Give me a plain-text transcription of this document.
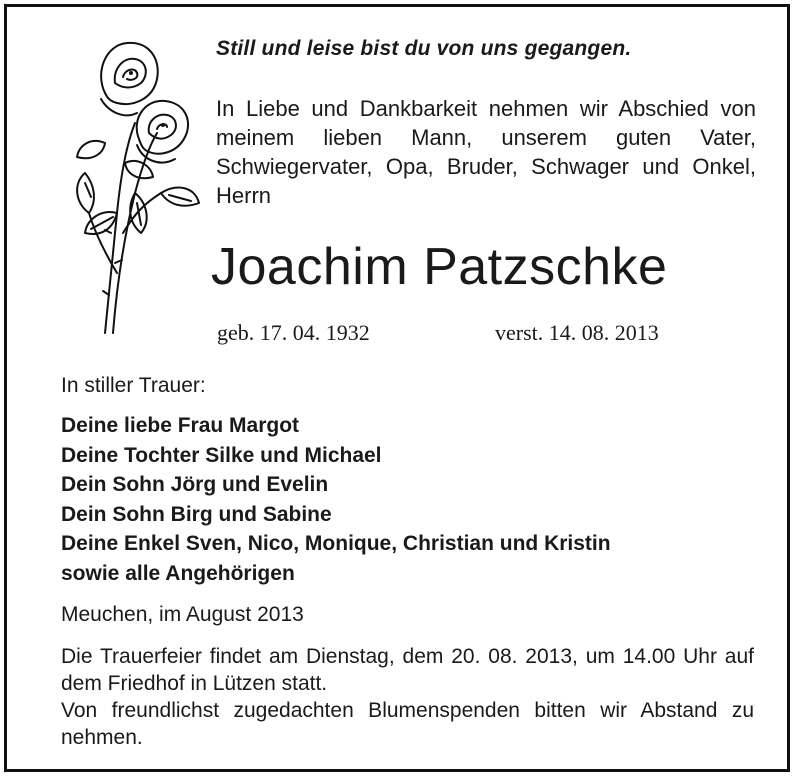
Still und leise bist du von uns gegangen.
In Liebe und Dankbarkeit nehmen wir Abschied von meinem lieben Mann, unserem guten Vater, Schwiegervater, Opa, Bruder, Schwager und Onkel, Herrn
Joachim Patzschke
geb. 17. 04. 1932	verst. 14. 08. 2013
In stiller Trauer:
Deine liebe Frau Margot
Deine Tochter Silke und Michael
Dein Sohn Jörg und Evelin
Dein Sohn Birg und Sabine
Deine Enkel Sven, Nico, Monique, Christian und Kristin
sowie alle Angehörigen
Meuchen, im August 2013

Die Trauerfeier findet am Dienstag, dem 20. 08. 2013, um 14.00 Uhr auf dem Friedhof in Lützen statt.
Von freundlichst zugedachten Blumenspenden bitten wir Abstand zu nehmen.
